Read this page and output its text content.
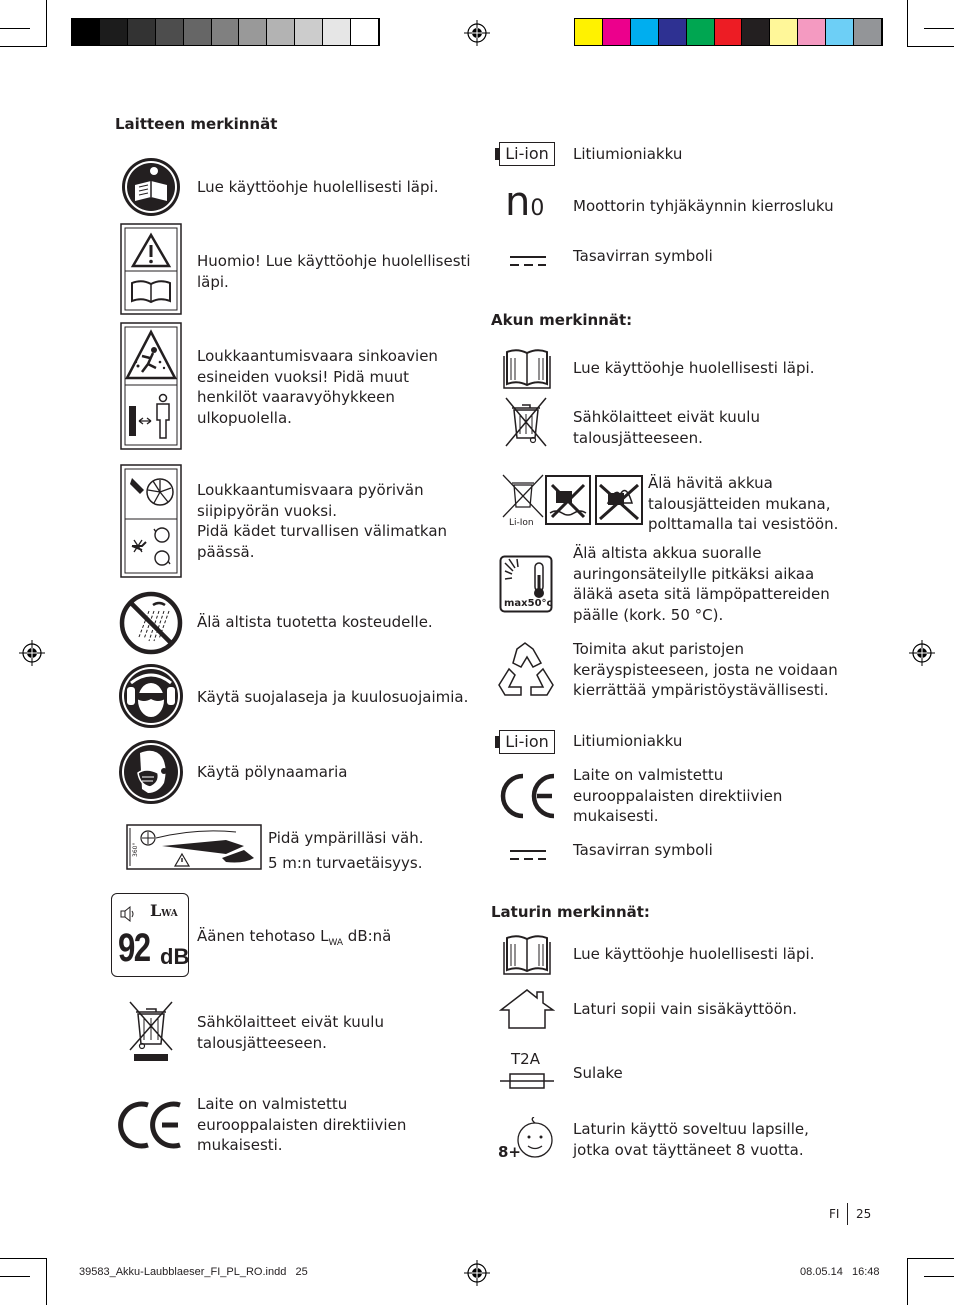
Laitteen merkinnät
Lue käyttöohje huolellisesti läpi.
Huomio! Lue käyttöohje huolellisesti
läpi.
Loukkaantumisvaara sinkoavien
esineiden vuoksi! Pidä muut
henkilöt vaaravyöhykkeen
ulkopuolella.
Loukkaantumisvaara pyörivän
siipipyörän vuoksi.
Pidä kädet turvallisen välimatkan
päässä.
Älä altista tuotetta kosteudelle.
Käytä suojalaseja ja kuulosuojaimia.
Käytä pölynaamaria
360°
Pidä ympärilläsi väh.
5 m:n turvaetäisyys.
LWA
92 dB
Äänen tehotaso $L_{WA}$ dB:nä
Sähkölaitteet eivät kuulu
talousjätteeseen.
Laite on valmistettu
eurooppalaisten direktiivien
mukaisesti.
Li-ion	Litiumioniakku
n0 Moottorin tyhjäkäynnin kierrosluku
Tasavirran symboli
Akun merkinnät:
Lue käyttöohje huolellisesti läpi.
Sähkölaitteet eivät kuulu
talousjätteeseen.
Li-Ion
Älä hävitä akkua
talousjätteiden mukana,
polttamalla tai vesistöön.
max50°c
Älä altista akkua suoralle
auringonsäteilylle pitkäksi aikaa
äläkä aseta sitä lämpöpattereiden
päälle (kork. 50 °C).
Toimita akut paristojen
keräyspisteeseen, josta ne voidaan
kierrättää ympäristöystävällisesti.
Li-ion	Litiumioniakku
Laite on valmistettu
eurooppalaisten direktiivien
mukaisesti.
Tasavirran symboli
Laturin merkinnät:
Lue käyttöohje huolellisesti läpi.
Laturi sopii vain sisäkäyttöön.
T2A
Sulake
8+
Laturin käyttö soveltuu lapsille,
jotka ovat täyttäneet 8 vuotta.
FI 25
39583_Akku-Laubblaeser_FI_PL_RO.indd 25	08.05.14 16:48
